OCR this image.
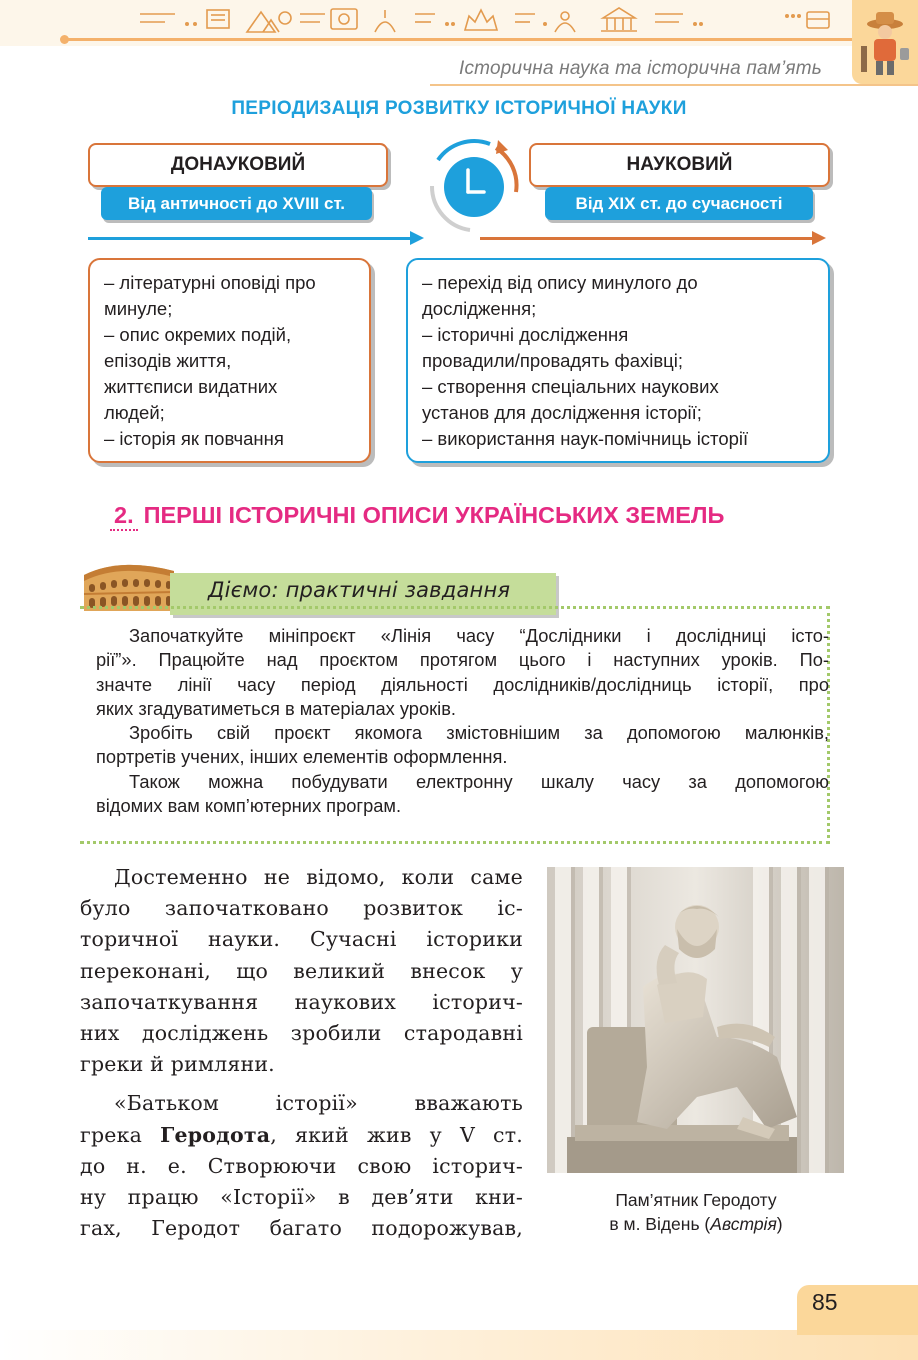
Історична наука та історична пам’ять
ПЕРІОДИЗАЦІЯ РОЗВИТКУ ІСТОРИЧНОЇ НАУКИ
ДОНАУКОВИЙ
Від античності до XVIII ст.
НАУКОВИЙ
Від XIX ст. до сучасності
– літературні оповіді про
минуле;
– опис окремих подій,
епізодів життя,
життєписи видатних
людей;
– історія як повчання
– перехід від опису минулого до
дослідження;
– історичні дослідження
провадили/провадять фахівці;
– створення спеціальних наукових
установ для дослідження історії;
– використання наук-помічниць історії
2. ПЕРШІ ІСТОРИЧНІ ОПИСИ УКРАЇНСЬКИХ ЗЕМЕЛЬ
Діємо: практичні завдання
Започаткуйте мініпроєкт «Лінія часу “Дослідники і дослідниці істо-
рії”». Працюйте над проєктом протягом цього і наступних уроків. По-
значте лінії часу період діяльності дослідників/дослідниць історії, про
яких згадуватиметься в матеріалах уроків.
Зробіть свій проєкт якомога змістовнішим за допомогою малюнків,
портретів учених, інших елементів оформлення.
Також можна побудувати електронну шкалу часу за допомогою
відомих вам комп’ютерних програм.
Достеменно не відомо, коли саме
було започатковано розвиток іс-
торичної науки. Сучасні історики
переконані, що великий внесок у
започаткування наукових історич-
них досліджень зробили стародавні
греки й римляни.
«Батьком історії» вважають
грека Геродота, який жив у V ст.
до н. е. Створюючи свою історич-
ну працю «Історії» в дев’яти кни-
гах, Геродот багато подорожував,
Пам’ятник Геродоту
в м. Відень (Австрія)
85
